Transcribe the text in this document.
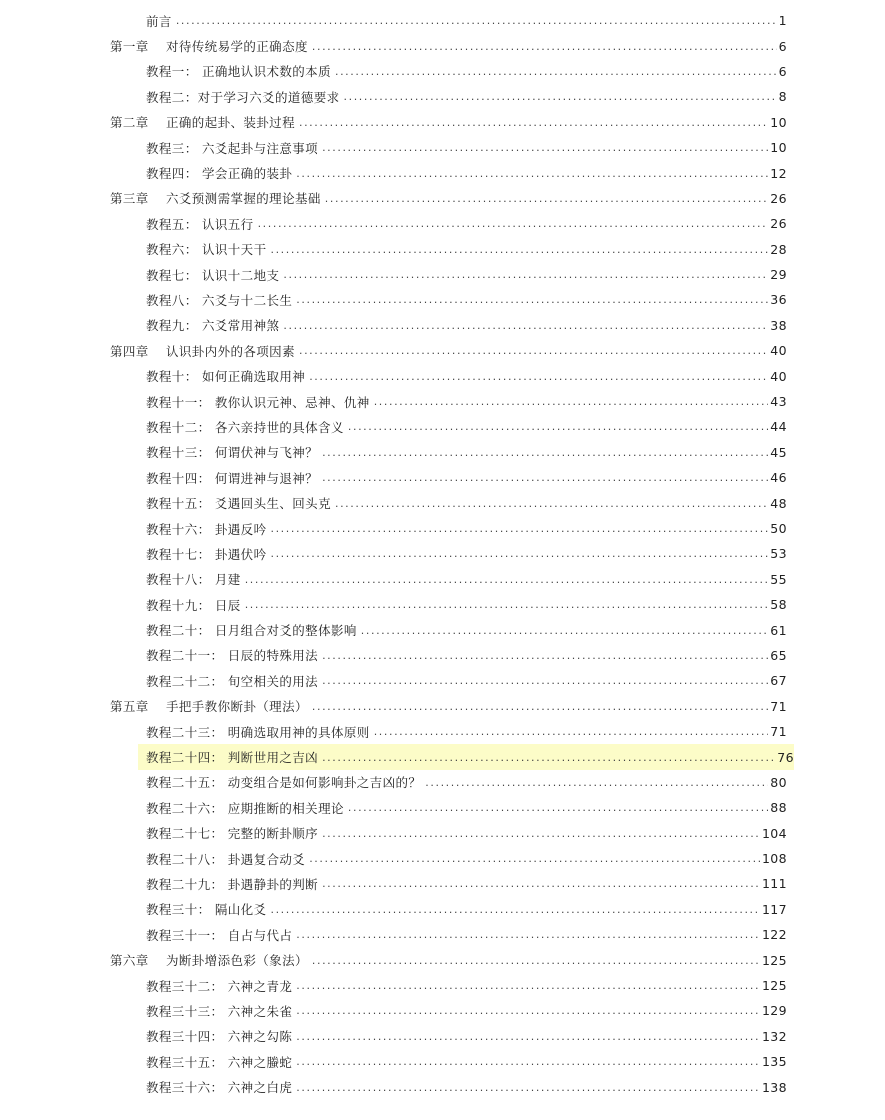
前言 .....	1
第一章　 对待传统易学的正确态度 .....	6
教程一： 正确地认识术数的本质 .....	6
教程二：对于学习六爻的道德要求 .....	8
第二章　 正确的起卦、装卦过程 .....	10
教程三： 六爻起卦与注意事项 .....	10
教程四： 学会正确的装卦 .....	12
第三章　 六爻预测需掌握的理论基础 .....	26
教程五： 认识五行 .....	26
教程六： 认识十天干 .....	28
教程七： 认识十二地支 .....	29
教程八： 六爻与十二长生 .....	36
教程九： 六爻常用神煞 .....	38
第四章　 认识卦内外的各项因素 .....	40
教程十： 如何正确选取用神 .....	40
教程十一： 教你认识元神、忌神、仇神 .....	43
教程十二： 各六亲持世的具体含义 .....	44
教程十三： 何谓伏神与飞神？ .....	45
教程十四： 何谓进神与退神？ .....	46
教程十五： 爻遇回头生、回头克 .....	48
教程十六： 卦遇反吟 .....	50
教程十七： 卦遇伏吟 .....	53
教程十八： 月建 .....	55
教程十九： 日辰 .....	58
教程二十： 日月组合对爻的整体影响 .....	61
教程二十一： 日辰的特殊用法 .....	65
教程二十二： 旬空相关的用法 .....	67
第五章　 手把手教你断卦（理法） .....	71
教程二十三： 明确选取用神的具体原则 .....	71
教程二十四： 判断世用之吉凶 .....	76
教程二十五： 动变组合是如何影响卦之吉凶的？ .....	80
教程二十六： 应期推断的相关理论 .....	88
教程二十七： 完整的断卦顺序 .....	104
教程二十八： 卦遇复合动爻 .....	108
教程二十九： 卦遇静卦的判断 .....	111
教程三十： 隔山化爻 .....	117
教程三十一： 自占与代占 .....	122
第六章　 为断卦增添色彩（象法） .....	125
教程三十二： 六神之青龙 .....	125
教程三十三： 六神之朱雀 .....	129
教程三十四： 六神之勾陈 .....	132
教程三十五： 六神之螣蛇 .....	135
教程三十六： 六神之白虎 .....	138
